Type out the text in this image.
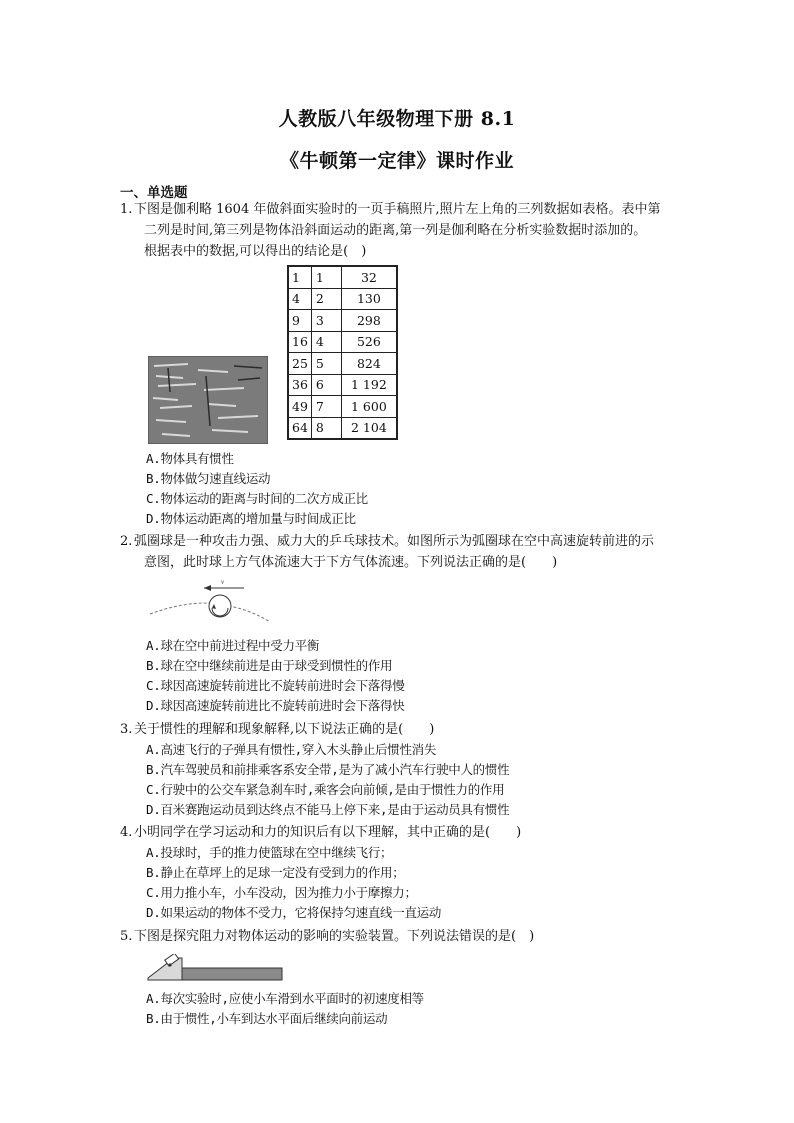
人教版八年级物理下册 8.1
《牛顿第一定律》课时作业
一、单选题
1. 下图是伽利略 1604 年做斜面实验时的一页手稿照片,照片左上角的三列数据如表格。表中第
二列是时间,第三列是物体沿斜面运动的距离,第一列是伽利略在分析实验数据时添加的。
根据表中的数据,可以得出的结论是(　)
1	1	32
4	2	130
9	3	298
16	4	526
25	5	824
36	6	1 192
49	7	1 600
64	8	2 104
A.物体具有惯性
B.物体做匀速直线运动
C.物体运动的距离与时间的二次方成正比
D.物体运动距离的增加量与时间成正比
2. 弧圈球是一种攻击力强、威力大的乒乓球技术。如图所示为弧圈球在空中高速旋转前进的示
意图，此时球上方气体流速大于下方气体流速。下列说法正确的是(　　)
v
A.球在空中前进过程中受力平衡
B.球在空中继续前进是由于球受到惯性的作用
C.球因高速旋转前进比不旋转前进时会下落得慢
D.球因高速旋转前进比不旋转前进时会下落得快
3. 关于惯性的理解和现象解释,以下说法正确的是(　　)
A.高速飞行的子弹具有惯性,穿入木头静止后惯性消失
B.汽车驾驶员和前排乘客系安全带,是为了减小汽车行驶中人的惯性
C.行驶中的公交车紧急刹车时,乘客会向前倾,是由于惯性力的作用
D.百米赛跑运动员到达终点不能马上停下来,是由于运动员具有惯性
4. 小明同学在学习运动和力的知识后有以下理解，其中正确的是(　　)
A.投球时，手的推力使篮球在空中继续飞行；
B.静止在草坪上的足球一定没有受到力的作用；
C.用力推小车，小车没动，因为推力小于摩擦力；
D.如果运动的物体不受力，它将保持匀速直线一直运动
5. 下图是探究阻力对物体运动的影响的实验装置。下列说法错误的是(　)
A.每次实验时,应使小车滑到水平面时的初速度相等
B.由于惯性,小车到达水平面后继续向前运动
